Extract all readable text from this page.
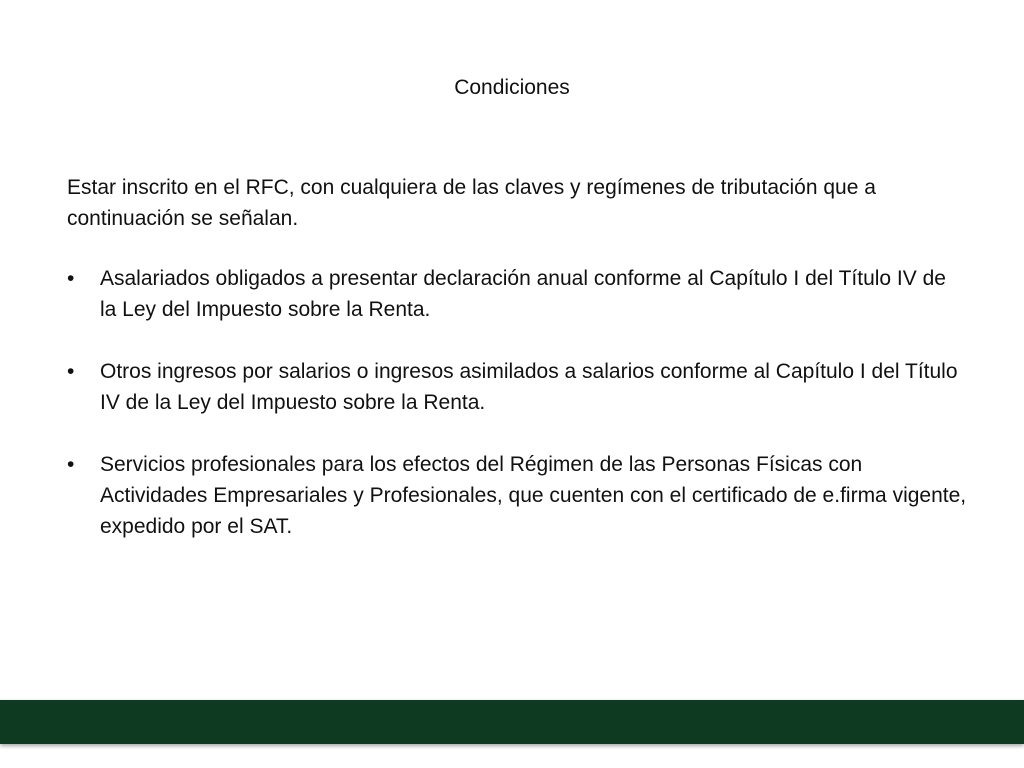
Condiciones
Estar inscrito en el RFC, con cualquiera de las claves y regímenes de tributación que a continuación se señalan.
•	Asalariados obligados a presentar declaración anual conforme al Capítulo I del Título IV de la Ley del Impuesto sobre la Renta.
•	Otros ingresos por salarios o ingresos asimilados a salarios conforme al Capítulo I del Título IV de la Ley del Impuesto sobre la Renta.
•	Servicios profesionales para los efectos del Régimen de las Personas Físicas con Actividades Empresariales y Profesionales, que cuenten con el certificado de e.firma vigente, expedido por el SAT.
